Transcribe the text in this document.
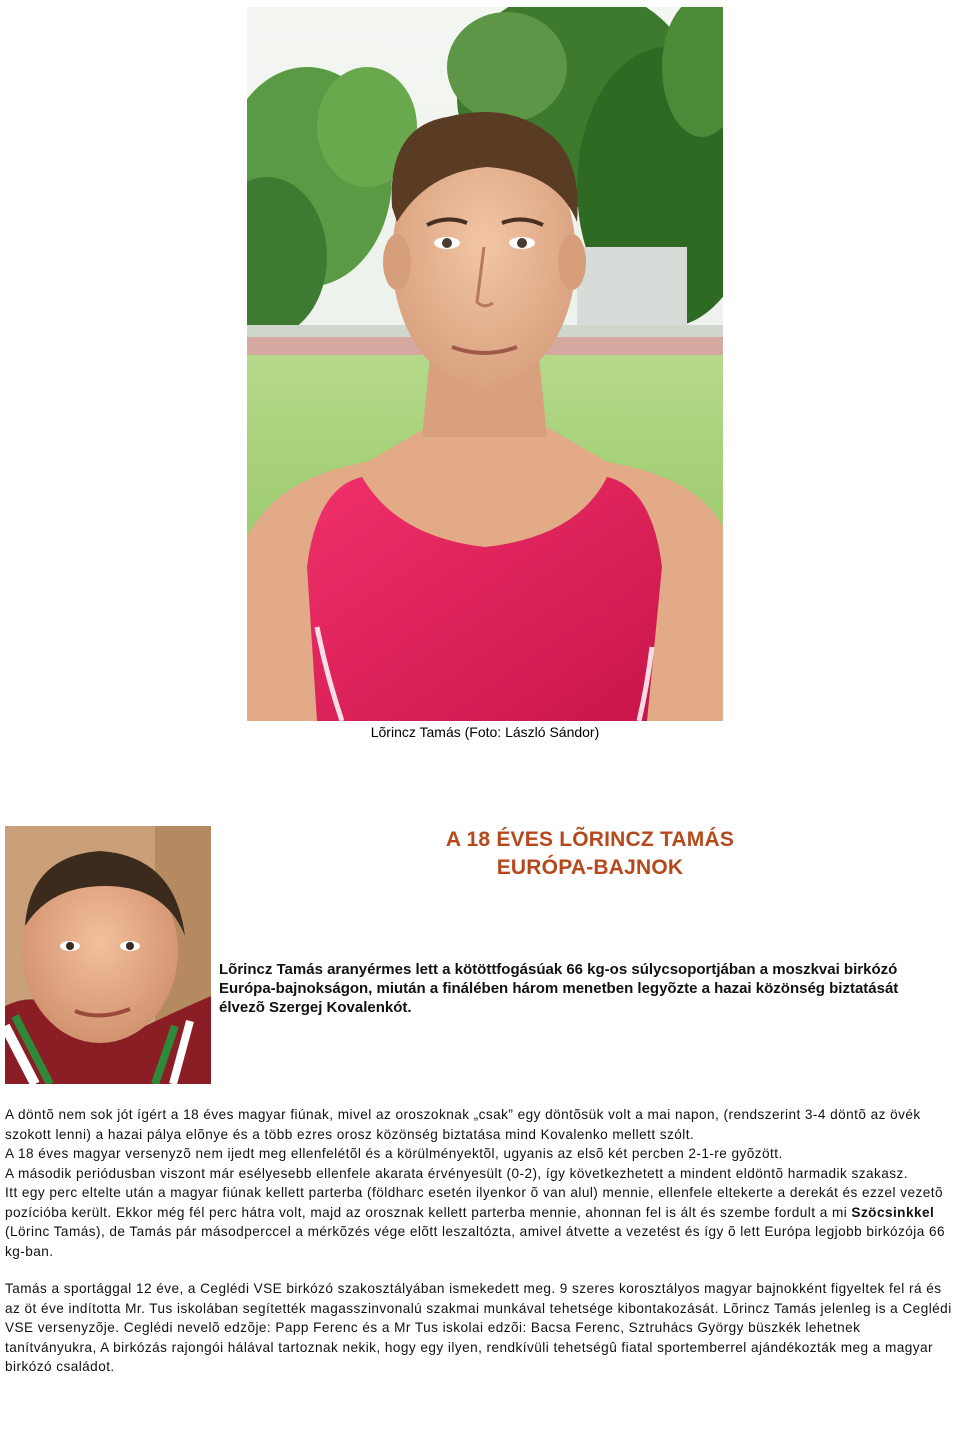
Lõrincz Tamás (Foto: László Sándor)
A 18 ÉVES LÕRINCZ TAMÁS
EURÓPA-BAJNOK
Lõrincz Tamás aranyérmes lett a kötöttfogásúak 66 kg-os súlycsoportjában a moszkvai birkózó Európa-bajnokságon, miután a finálében három menetben legyõzte a hazai közönség biztatását élvezõ Szergej Kovalenkót.

A döntõ nem sok jót ígért a 18 éves magyar fiúnak, mivel az oroszoknak „csak” egy döntõsük volt a mai napon, (rendszerint 3-4 döntõ az övék szokott lenni) a hazai pálya elõnye és a több ezres orosz közönség biztatása mind Kovalenko mellett szólt.

A 18 éves magyar versenyzõ nem ijedt meg ellenfelétõl és a körülményektõl, ugyanis az elsõ két percben 2-1-re gyõzött.

A második periódusban viszont már esélyesebb ellenfele akarata érvényesült (0-2), így következhetett a mindent eldöntõ harmadik szakasz.

Itt egy perc eltelte után a magyar fiúnak kellett parterba (földharc esetén ilyenkor õ van alul) mennie, ellenfele eltekerte a derekát és ezzel vezetõ pozícióba került. Ekkor még fél perc hátra volt, majd az orosznak kellett parterba mennie, ahonnan fel is ált és szembe fordult a mi Szöcsinkkel (Lörinc Tamás), de Tamás pár másodperccel a mérkõzés vége elõtt leszaltózta, amivel átvette a vezetést és így õ lett Európa legjobb birkózója 66 kg-ban.

Tamás a sportággal 12 éve, a Ceglédi VSE birkózó szakosztályában ismekedett meg. 9 szeres korosztályos magyar bajnokként figyeltek fel rá és az öt éve indította Mr. Tus iskolában segítették magasszinvonalú szakmai munkával tehetsége kibontakozását. Lõrincz Tamás jelenleg is a Ceglédi VSE versenyzõje. Ceglédi nevelõ edzõje: Papp Ferenc és a Mr Tus iskolai edzõi: Bacsa Ferenc, Sztruhács György büszkék lehetnek tanítványukra, A birkózás rajongói hálával tartoznak nekik, hogy egy ilyen, rendkívüli tehetségû fiatal sportemberrel ajándékozták meg a magyar birkózó családot.
